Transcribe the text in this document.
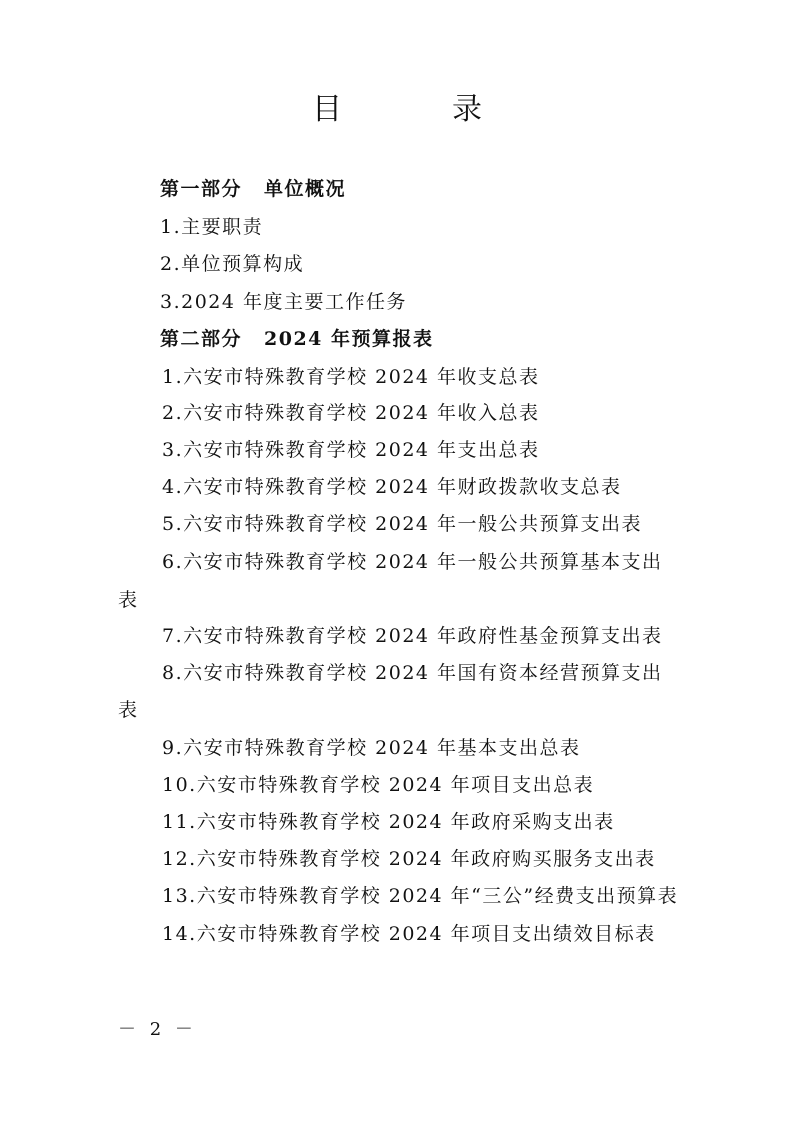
目　录
第一部分 单位概况
1.主要职责
2.单位预算构成
3.2024 年度主要工作任务
第二部分 2024 年预算报表
1.六安市特殊教育学校 2024 年收支总表
2.六安市特殊教育学校 2024 年收入总表
3.六安市特殊教育学校 2024 年支出总表
4.六安市特殊教育学校 2024 年财政拨款收支总表
5.六安市特殊教育学校 2024 年一般公共预算支出表
6.六安市特殊教育学校 2024 年一般公共预算基本支出
表
7.六安市特殊教育学校 2024 年政府性基金预算支出表
8.六安市特殊教育学校 2024 年国有资本经营预算支出
表
9.六安市特殊教育学校 2024 年基本支出总表
10.六安市特殊教育学校 2024 年项目支出总表
11.六安市特殊教育学校 2024 年政府采购支出表
12.六安市特殊教育学校 2024 年政府购买服务支出表
13.六安市特殊教育学校 2024 年“三公”经费支出预算表
14.六安市特殊教育学校 2024 年项目支出绩效目标表
－ 2 －
